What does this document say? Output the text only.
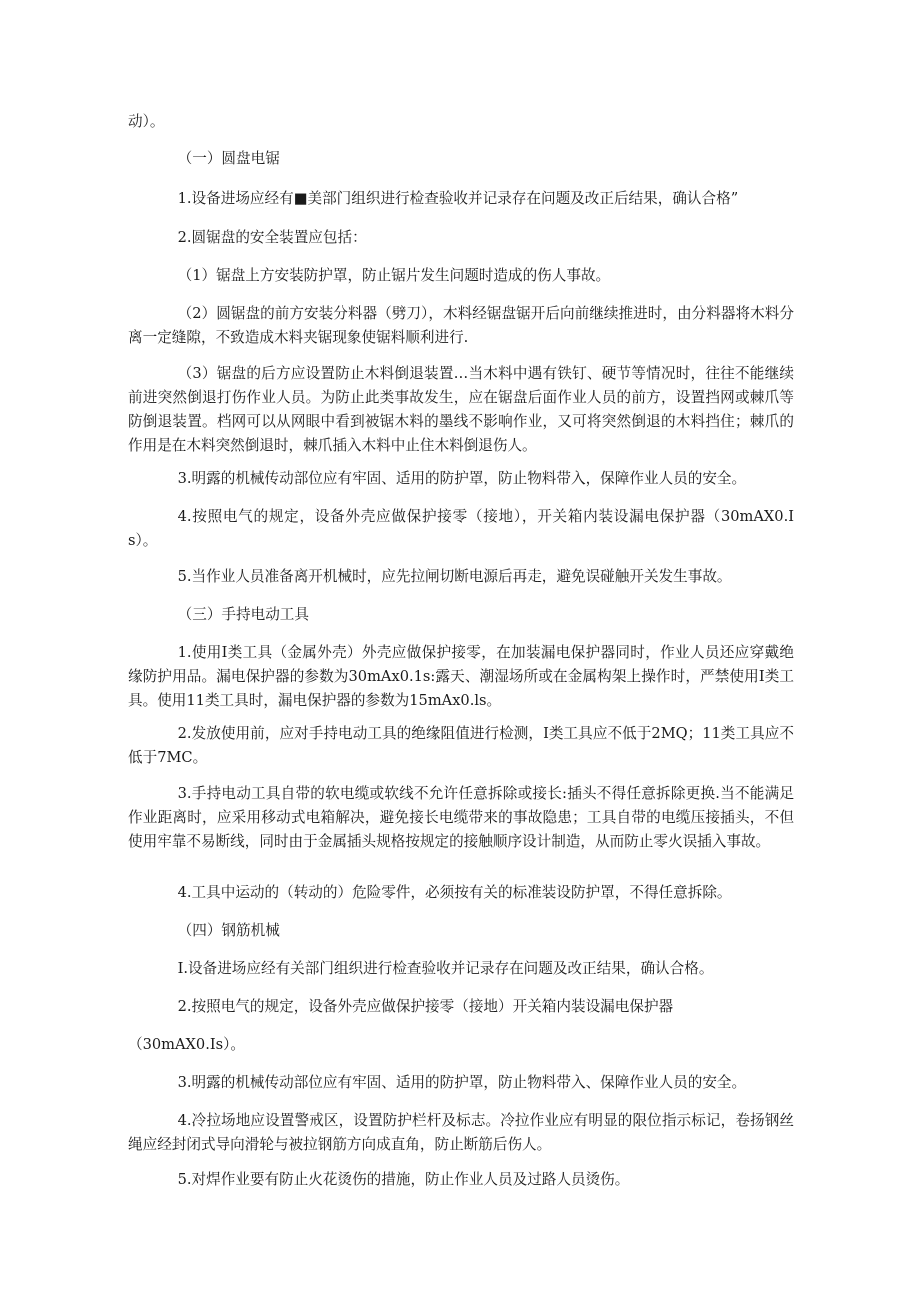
动）。

（一）圆盘电锯

1.设备进场应经有■美部门组织进行检查验收并记录存在问题及改正后结果，确认合格”

2.圆锯盘的安全装置应包括：

（1）锯盘上方安装防护罩，防止锯片发生问题时造成的伤人事故。

（2）圆锯盘的前方安装分料器（劈刀），木料经锯盘锯开后向前继续推进时，由分料器将木料分离一定缝隙，不致造成木料夹锯现象使锯料顺利进行.

（3）锯盘的后方应设置防止木料倒退装置…当木料中遇有铁钉、硬节等情况时，往往不能继续前进突然倒退打伤作业人员。为防止此类事故发生，应在锯盘后面作业人员的前方，设置挡网或棘爪等防倒退装置。档网可以从网眼中看到被锯木料的墨线不影响作业，又可将突然倒退的木料挡住；棘爪的作用是在木料突然倒退时，棘爪插入木料中止住木料倒退伤人。

3.明露的机械传动部位应有牢固、适用的防护罩，防止物料带入，保障作业人员的安全。

4.按照电气的规定，设备外壳应做保护接零（接地），开关箱内装设漏电保护器（30mAX0.Is）。

5.当作业人员准备离开机械时，应先拉闸切断电源后再走，避免误碰触开关发生事故。

（三）手持电动工具

1.使用I类工具（金属外壳）外壳应做保护接零，在加装漏电保护器同时，作业人员还应穿戴绝缘防护用品。漏电保护器的参数为30mAx0.1s:露天、潮湿场所或在金属构架上操作时，严禁使用I类工具。使用11类工具时，漏电保护器的参数为15mAx0.ls。

2.发放使用前，应对手持电动工具的绝缘阻值进行检测，I类工具应不低于2MQ；11类工具应不低于7MC。

3.手持电动工具自带的软电缆或软线不允许任意拆除或接长:插头不得任意拆除更换.当不能满足作业距离时，应采用移动式电箱解决，避免接长电缆带来的事故隐患；工具自带的电缆压接插头，不但使用牢靠不易断线，同时由于金属插头规格按规定的接触顺序设计制造，从而防止零火误插入事故。

4.工具中运动的（转动的）危险零件，必须按有关的标准装设防护罩，不得任意拆除。

（四）钢筋机械

I.设备进场应经有关部门组织进行检查验收并记录存在问题及改正结果，确认合格。

2.按照电气的规定，设备外壳应做保护接零（接地）开关箱内装设漏电保护器

（30mAX0.Is）。

3.明露的机械传动部位应有牢固、适用的防护罩，防止物料带入、保障作业人员的安全。

4.冷拉场地应设置警戒区，设置防护栏杆及标志。冷拉作业应有明显的限位指示标记，卷扬钢丝绳应经封闭式导向滑轮与被拉钢筋方向成直角，防止断筋后伤人。

5.对焊作业要有防止火花烫伤的措施，防止作业人员及过路人员烫伤。
